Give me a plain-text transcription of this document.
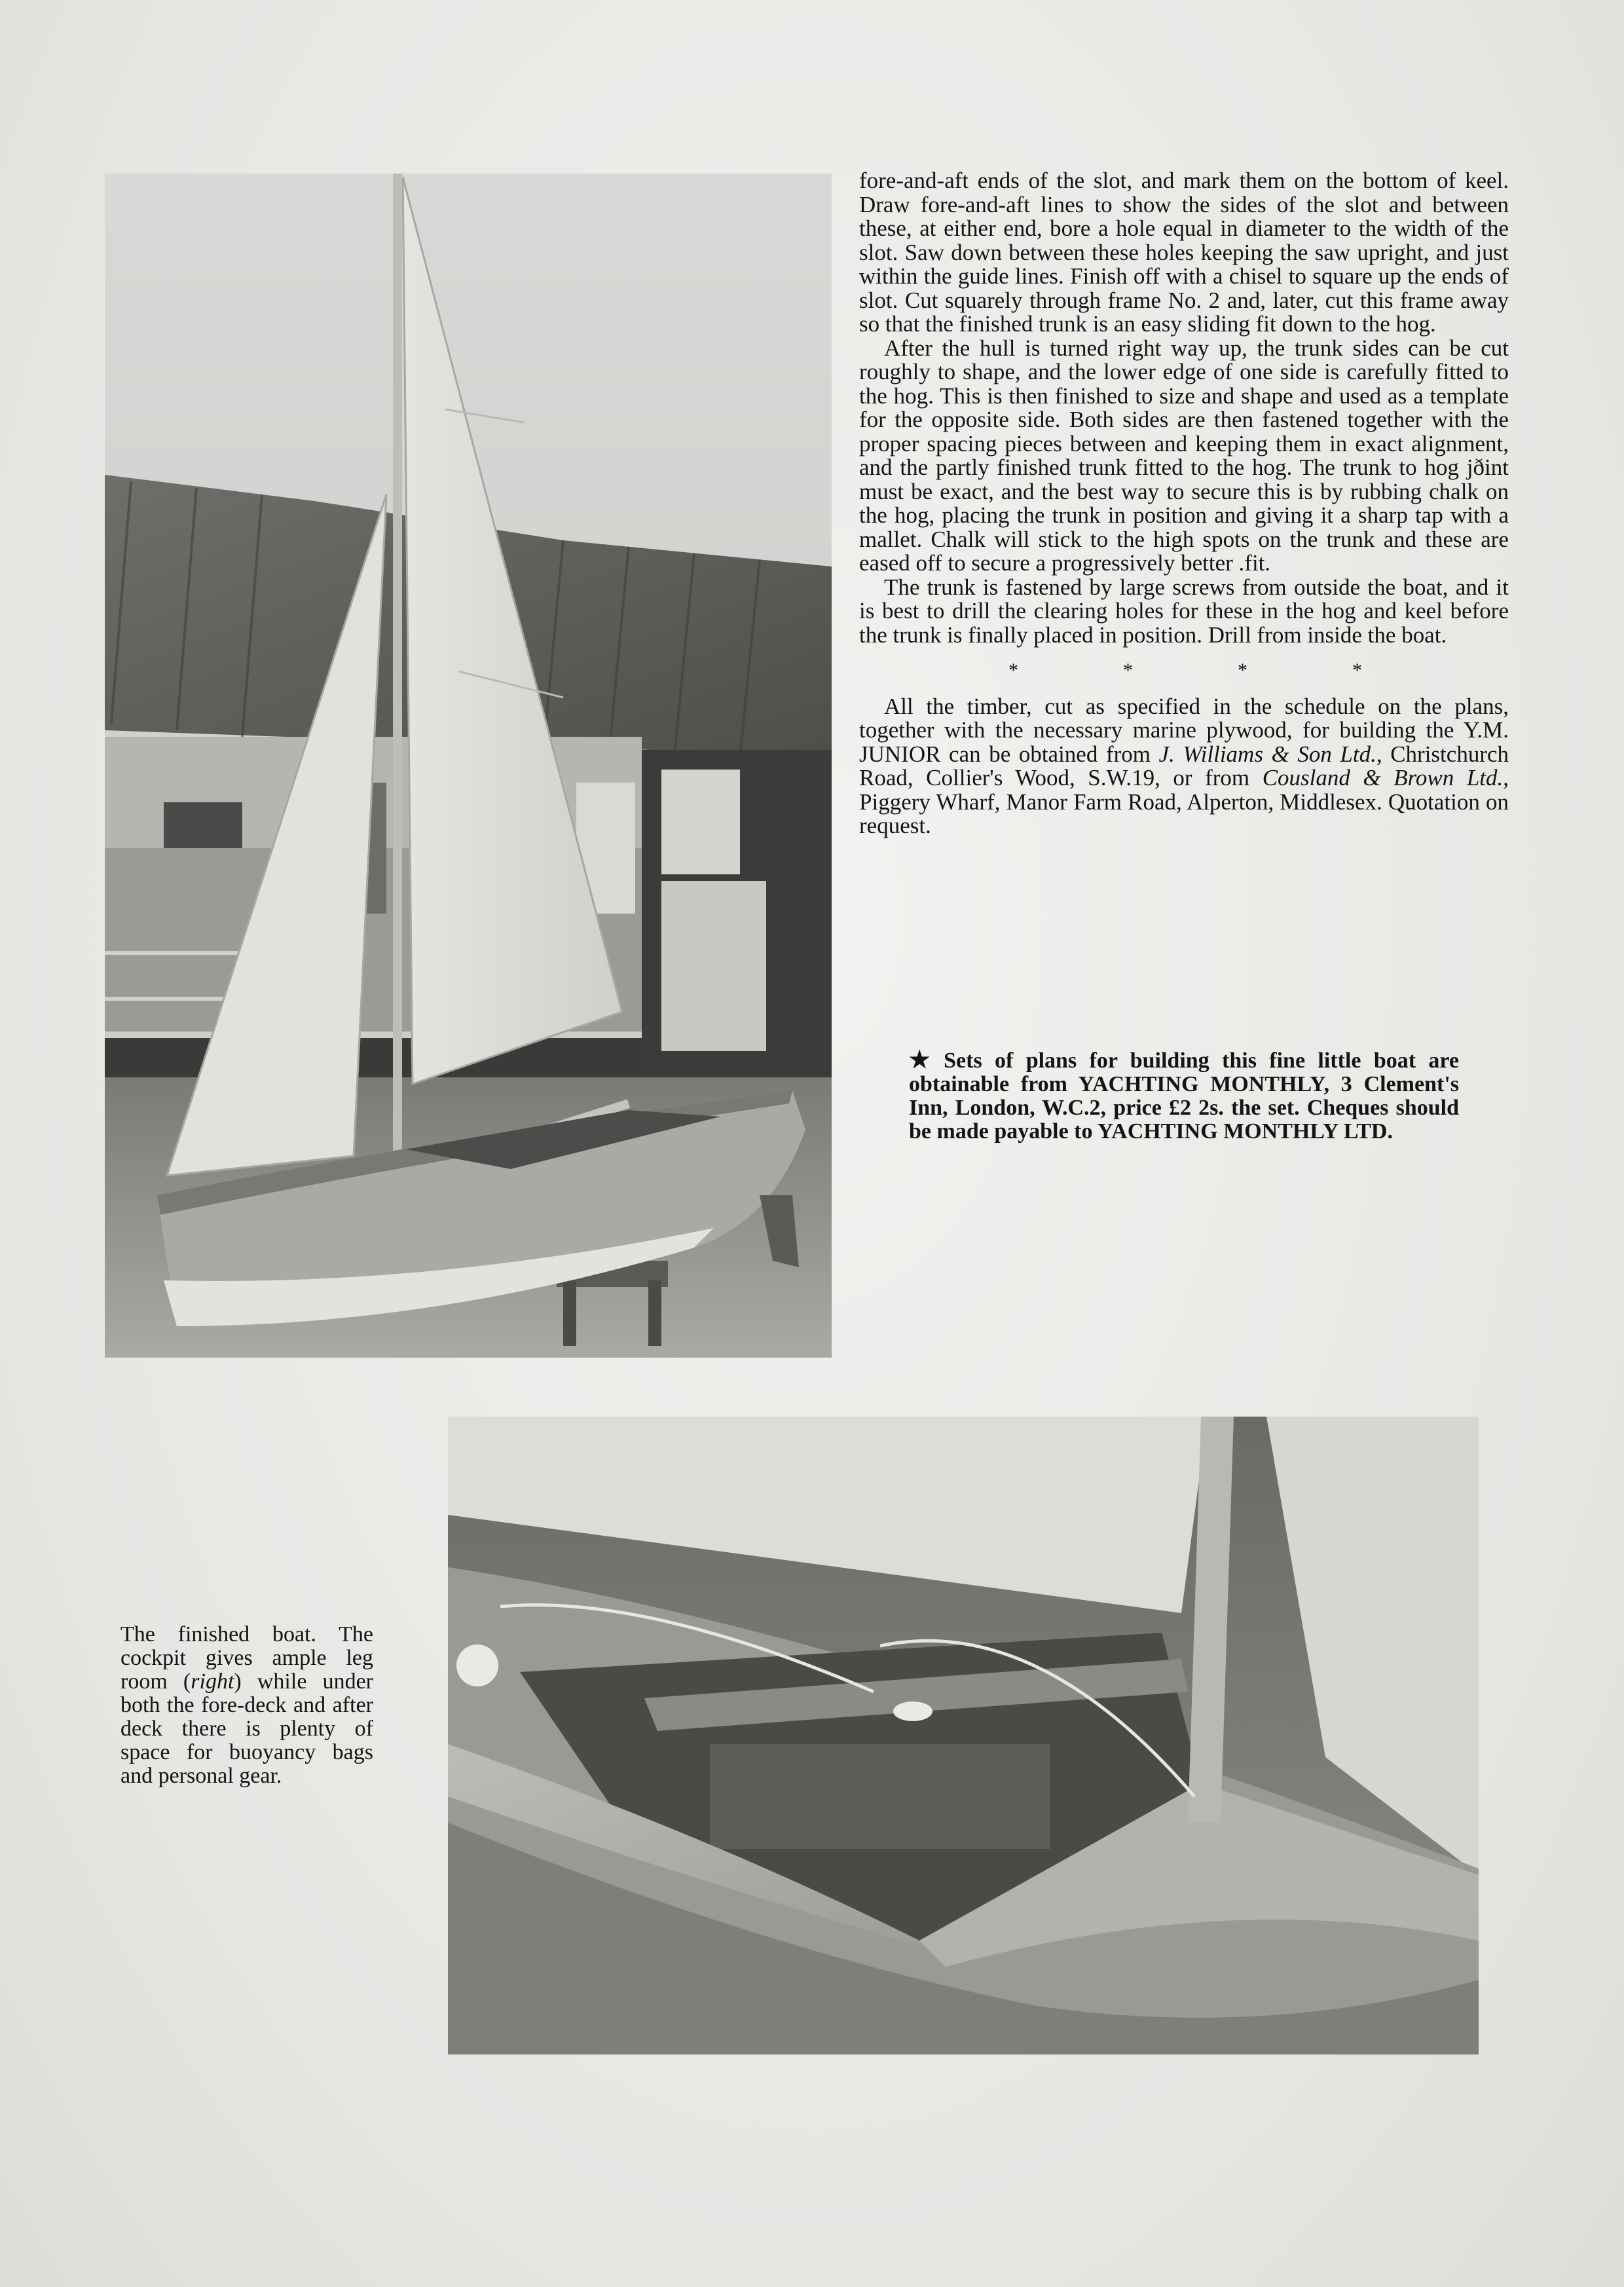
fore-and-aft ends of the slot, and mark them on the bottom of keel. Draw fore-and-aft lines to show the sides of the slot and between these, at either end, bore a hole equal in diameter to the width of the slot. Saw down between these holes keeping the saw upright, and just within the guide lines. Finish off with a chisel to square up the ends of slot. Cut squarely through frame No. 2 and, later, cut this frame away so that the finished trunk is an easy sliding fit down to the hog.

After the hull is turned right way up, the trunk sides can be cut roughly to shape, and the lower edge of one side is carefully fitted to the hog. This is then finished to size and shape and used as a template for the opposite side. Both sides are then fastened together with the proper spacing pieces between and keeping them in exact alignment, and the partly finished trunk fitted to the hog. The trunk to hog jðint must be exact, and the best way to secure this is by rubbing chalk on the hog, placing the trunk in position and giving it a sharp tap with a mallet. Chalk will stick to the high spots on the trunk and these are eased off to secure a progressively better .fit.

The trunk is fastened by large screws from outside the boat, and it is best to drill the clearing holes for these in the hog and keel before the trunk is finally placed in position. Drill from inside the boat.

*	*	*	*

All the timber, cut as specified in the schedule on the plans, together with the necessary marine plywood, for building the Y.M. JUNIOR can be obtained from J. Williams & Son Ltd., Christchurch Road, Collier's Wood, S.W.19, or from Cousland & Brown Ltd., Piggery Wharf, Manor Farm Road, Alperton, Middlesex. Quotation on request.

★ Sets of plans for building this fine little boat are obtainable from YACHTING MONTHLY, 3 Clement's Inn, London, W.C.2, price £2 2s. the set. Cheques should be made payable to YACHTING MONTHLY LTD.
The finished boat. The cockpit gives ample leg room (right) while under both the fore-deck and after deck there is plenty of space for buoyancy bags and personal gear.
